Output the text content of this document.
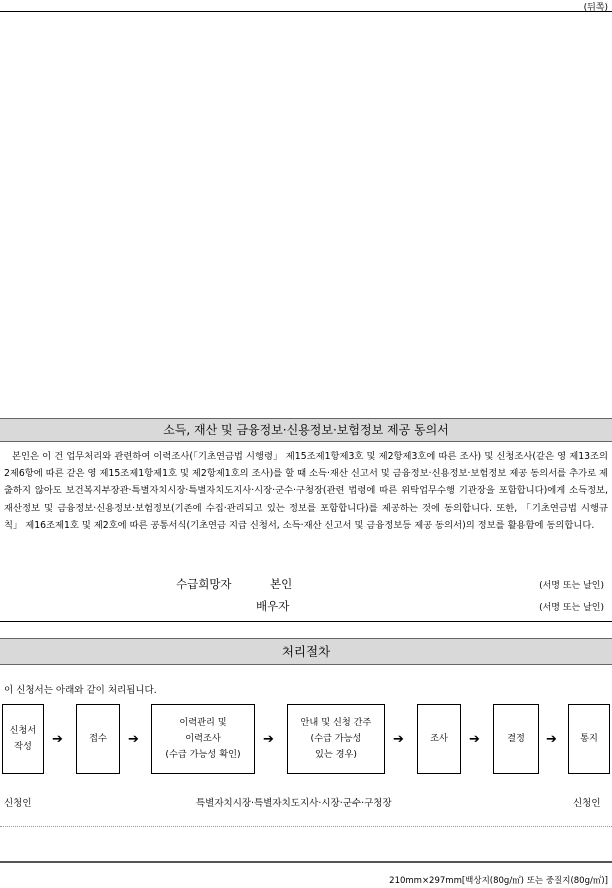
(뒤쪽)
소득, 재산 및 금융정보·신용정보·보험정보 제공 동의서
본인은 이 건 업무처리와 관련하여 이력조사(「기초연금법 시행령」 제15조제1항제3호 및 제2항제3호에 따른 조사) 및 신청조사(같은 영 제13조의2제6항에 따른 같은 영 제15조제1항제1호 및 제2항제1호의 조사)를 할 때 소득·재산 신고서 및 금융정보·신용정보·보험정보 제공 동의서를 추가로 제출하지 않아도 보건복지부장관·특별자치시장·특별자치도지사·시장·군수·구청장(관련 법령에 따른 위탁업무수행 기관장을 포함합니다)에게 소득정보, 재산정보 및 금융정보·신용정보·보험정보(기존에 수집·관리되고 있는 정보를 포함합니다)를 제공하는 것에 동의합니다. 또한, 「기초연금법 시행규칙」 제16조제1호 및 제2호에 따른 공통서식(기초연금 지급 신청서, 소득·재산 신고서 및 금융정보등 제공 동의서)의 정보를 활용함에 동의합니다.
수급희망자	본인	(서명 또는 날인)
배우자	(서명 또는 날인)
처리절차
이 신청서는 아래와 같이 처리됩니다.
신청서
작성	➔	접수 ➔
이력관리 및
이력조사
(수급 가능성 확인)
➔
안내 및 신청 간주
(수급 가능성
있는 경우)
➔	조사 ➔	결정 ➔	통지
신청인	특별자치시장·특별자치도지사·시장·군수·구청장	신청인
210mm×297mm[백상지(80g/㎡) 또는 중질지(80g/㎡)]
